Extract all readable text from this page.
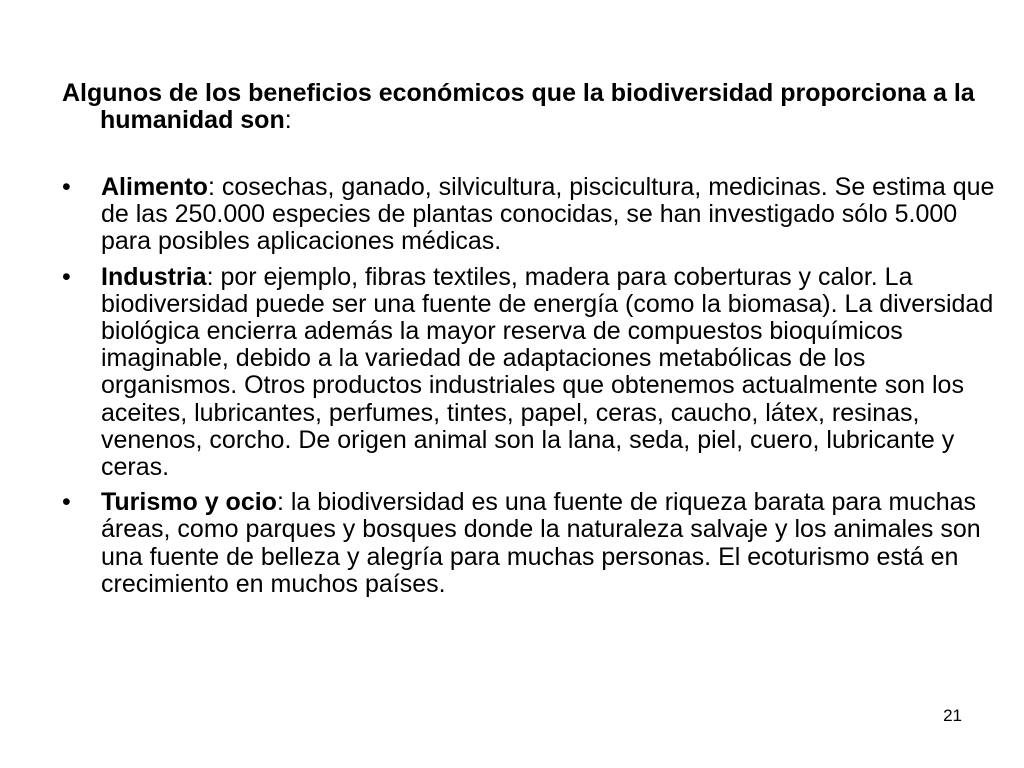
Algunos de los beneficios económicos que la biodiversidad proporciona a la humanidad son:

•	Alimento: cosechas, ganado, silvicultura, piscicultura, medicinas. Se estima que de las 250.000 especies de plantas conocidas, se han investigado sólo 5.000 para posibles aplicaciones médicas.
•	Industria: por ejemplo, fibras textiles, madera para coberturas y calor. La biodiversidad puede ser una fuente de energía (como la biomasa). La diversidad biológica encierra además la mayor reserva de compuestos bioquímicos imaginable, debido a la variedad de adaptaciones metabólicas de los organismos. Otros productos industriales que obtenemos actualmente son los aceites, lubricantes, perfumes, tintes, papel, ceras, caucho, látex, resinas, venenos, corcho. De origen animal son la lana, seda, piel, cuero, lubricante y ceras.
•	Turismo y ocio: la biodiversidad es una fuente de riqueza barata para muchas áreas, como parques y bosques donde la naturaleza salvaje y los animales son una fuente de belleza y alegría para muchas personas. El ecoturismo está en crecimiento en muchos países.
21
